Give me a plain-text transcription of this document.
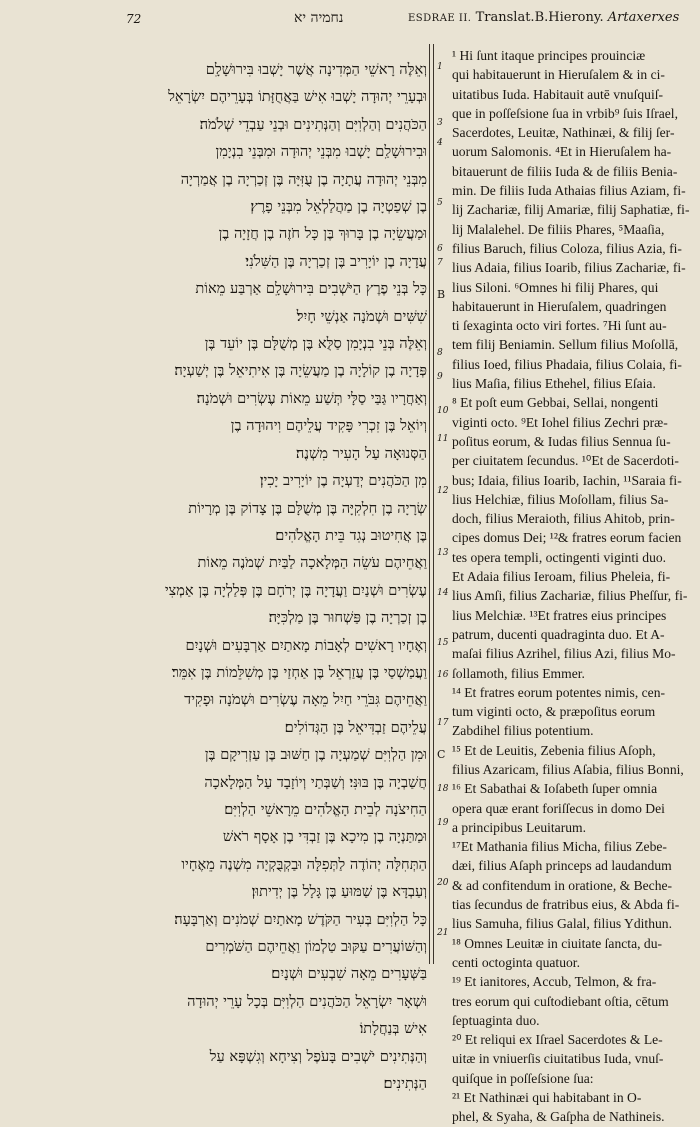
72	נחמיה יא	ESDRAE II. Translat.B.Hierony. Artaxerxes
וְאֵלֶּה רָאשֵׁי הַמְּדִינָה אֲשֶׁר יָשְׁבוּ בִּירוּשָׁלָ͏ִם
וּבְעָרֵי יְהוּדָה יָשְׁבוּ אִישׁ בַּאֲחֻזָּתוֹ בְּעָרֵיהֶם יִשְׂרָאֵל
הַכֹּהֲנִים וְהַלְוִיִּם וְהַנְּתִינִים וּבְנֵי עַבְדֵי שְׁלֹמֹה׃
וּבִירוּשָׁלַ͏ִם יָשְׁבוּ מִבְּנֵי יְהוּדָה וּמִבְּנֵי בִנְיָמִן
מִבְּנֵי יְהוּדָה עֲתָיָה בֶן עֻזִּיָּה בֶּן זְכַרְיָה בֶן אֲמַרְיָה
בֶן שְׁפַטְיָה בֶן מַהֲלַלְאֵל מִבְּנֵי פָרֶץ׃
וּמַעֲשֵׂיָה בֶן בָּרוּךְ בֶּן כָּל חֹזֶה בֶן חֲזָיָה בֶן
עֲדָיָה בֶן יוֹיָרִיב בֶּן זְכַרְיָה בֶּן הַשִּׁלֹנִי׃
כָּל בְּנֵי פֶרֶץ הַיֹּשְׁבִים בִּירוּשָׁלָ͏ִם אַרְבַּע מֵאוֹת
שִׁשִּׁים וּשְׁמֹנָה אַנְשֵׁי חָיִל׃
וְאֵלֶּה בְּנֵי בִנְיָמִן סַלֻּא בֶּן מְשֻׁלָּם בֶּן יוֹעֵד בֶּן
פְּדָיָה בֶן קוֹלָיָה בֶן מַעֲשֵׂיָה בֶּן אִיתִיאֵל בֶּן יְשַׁעְיָה׃
וְאַחֲרָיו גַּבַּי סַלָּי תְּשַׁע מֵאוֹת עֶשְׂרִים וּשְׁמֹנָה׃
וְיוֹאֵל בֶּן זִכְרִי פָּקִיד עֲלֵיהֶם וִיהוּדָה בֶן
הַסְּנוּאָה עַל הָעִיר מִשְׁנֶה׃
מִן הַכֹּהֲנִים יְדַעְיָה בֶן יוֹיָרִיב יָכִין׃
שְׂרָיָה בֶן חִלְקִיָּה בֶּן מְשֻׁלָּם בֶּן צָדוֹק בֶּן מְרָיוֹת
בֶּן אֲחִיטוּב נְגִד בֵּית הָאֱלֹהִים׃
וַאֲחֵיהֶם עֹשֵׂה הַמְּלָאכָה לַבַּיִת שְׁמֹנֶה מֵאוֹת
עֶשְׂרִים וּשְׁנַיִם וַעֲדָיָה בֶּן יְרֹחָם בֶּן פְּלַלְיָה בֶּן אַמְצִי
בֶן זְכַרְיָה בֶן פַּשְׁחוּר בֶּן מַלְכִּיָּה׃
וְאֶחָיו רָאשִׁים לְאָבוֹת מָאתַיִם אַרְבָּעִים וּשְׁנָיִם
וַעֲמַשְׁסַי בֶּן עֲזַרְאֵל בֶּן אַחְזַי בֶּן מְשִׁלֵּמוֹת בֶּן אִמֵּר׃
וַאֲחֵיהֶם גִּבֹּרֵי חַיִל מֵאָה עֶשְׂרִים וּשְׁמֹנָה וּפָקִיד
עֲלֵיהֶם זַבְדִּיאֵל בֶּן הַגְּדוֹלִים׃
וּמִן הַלְוִיִּם שְׁמַעְיָה בֶן חַשּׁוּב בֶּן עַזְרִיקָם בֶּן
חֲשַׁבְיָה בֶּן בּוּנִּי׃ וְשַׁבְּתַי וְיוֹזָבָד עַל הַמְּלָאכָה
הַחִיצֹנָה לְבֵית הָאֱלֹהִים מֵרָאשֵׁי הַלְוִיִּם׃
וּמַתַּנְיָה בֶן מִיכָא בֶּן זַבְדִּי בֶן אָסָף רֹאשׁ
הַתְּחִלָּה יְהוֹדֶה לַתְּפִלָּה וּבַקְבֻּקְיָה מִשְׁנֶה מֵאֶחָיו
וְעַבְדָּא בֶּן שַׁמּוּעַ בֶּן גָּלָל בֶּן יְדִיתוּן׃
כָּל הַלְוִיִּם בְּעִיר הַקֹּדֶשׁ מָאתַיִם שְׁמֹנִים וְאַרְבָּעָה׃
וְהַשּׁוֹעֲרִים עַקּוּב טַלְמוֹן וַאֲחֵיהֶם הַשֹּׁמְרִים
בַּשְּׁעָרִים מֵאָה שִׁבְעִים וּשְׁנָיִם׃
וּשְׁאָר יִשְׂרָאֵל הַכֹּהֲנִים הַלְוִיִּם בְּכָל עָרֵי יְהוּדָה
אִישׁ בְּנַחֲלָתוֹ׃
וְהַנְּתִינִים יֹשְׁבִים בָּעֹפֶל וְצִיחָא וְגִשְׁפָּא עַל
הַנְּתִינִים׃
1
3
4
5
6
7
B
8
9
10
11
12
13
14
15
16
17
C
18
19
20
21
¹ Hi ſunt itaque principes prouinciæ
qui habitauerunt in Hieruſalem & in ci-
uitatibus Iuda. Habitauit autē vnuſquiſ-
que in poſſeſsione ſua in vrbib⁹ ſuis Iſrael,
Sacerdotes, Leuitæ, Nathinæi, & filij ſer-
uorum Salomonis. ⁴Et in Hieruſalem ha-
bitauerunt de filiis Iuda & de filiis Benia-
min. De filiis Iuda Athaias filius Aziam, fi-
lij Zachariæ, filij Amariæ, filij Saphatiæ, fi-
lij Malalehel. De filiis Phares, ⁵Maaſia,
filius Baruch, filius Coloza, filius Azia, fi-
lius Adaia, filius Ioarib, filius Zachariæ, fi-
lius Siloni. ⁶Omnes hi filij Phares, qui
habitauerunt in Hieruſalem, quadringen
ti ſexaginta octo viri fortes. ⁷Hi ſunt au-
tem filij Beniamin. Sellum filius Moſollā,
filius Ioed, filius Phadaia, filius Colaia, fi-
lius Maſia, filius Ethehel, filius Eſaia.
⁸ Et poſt eum Gebbai, Sellai, nongenti
viginti octo. ⁹Et Iohel filius Zechri præ-
poſitus eorum, & Iudas filius Sennua ſu-
per ciuitatem ſecundus. ¹⁰Et de Sacerdoti-
bus; Idaia, filius Ioarib, Iachin, ¹¹Saraia fi-
lius Helchiæ, filius Moſollam, filius Sa-
doch, filius Meraioth, filius Ahitob, prin-
cipes domus Dei; ¹²& fratres eorum facien
tes opera templi, octingenti viginti duo.
Et Adaia filius Ieroam, filius Pheleia, fi-
lius Amſi, filius Zachariæ, filius Pheſſur, fi-
lius Melchiæ. ¹³Et fratres eius principes
patrum, ducenti quadraginta duo. Et A-
maſai filius Azrihel, filius Azi, filius Mo-
ſollamoth, filius Emmer.
¹⁴ Et fratres eorum potentes nimis, cen-
tum viginti octo, & præpoſitus eorum
Zabdihel filius potentium.
¹⁵ Et de Leuitis, Zebenia filius Aſoph,
filius Azaricam, filius Aſabia, filius Bonni,
¹⁶ Et Sabathai & Ioſabeth ſuper omnia
opera quæ erant foriſſecus in domo Dei
a principibus Leuitarum.
¹⁷Et Mathania filius Micha, filius Zebe-
dæi, filius Aſaph princeps ad laudandum
& ad confitendum in oratione, & Beche-
tias ſecundus de fratribus eius, & Abda fi-
lius Samuha, filius Galal, filius Ydithun.
¹⁸ Omnes Leuitæ in ciuitate ſancta, du-
centi octoginta quatuor.
¹⁹ Et ianitores, Accub, Telmon, & fra-
tres eorum qui cuſtodiebant oſtia, cētum
ſeptuaginta duo.
²⁰ Et reliqui ex Iſrael Sacerdotes & Le-
uitæ in vniuerſis ciuitatibus Iuda, vnuſ-
quiſque in poſſeſsione ſua:
²¹ Et Nathinæi qui habitabant in O-
phel, & Syaha, & Gaſpha de Nathineis.
